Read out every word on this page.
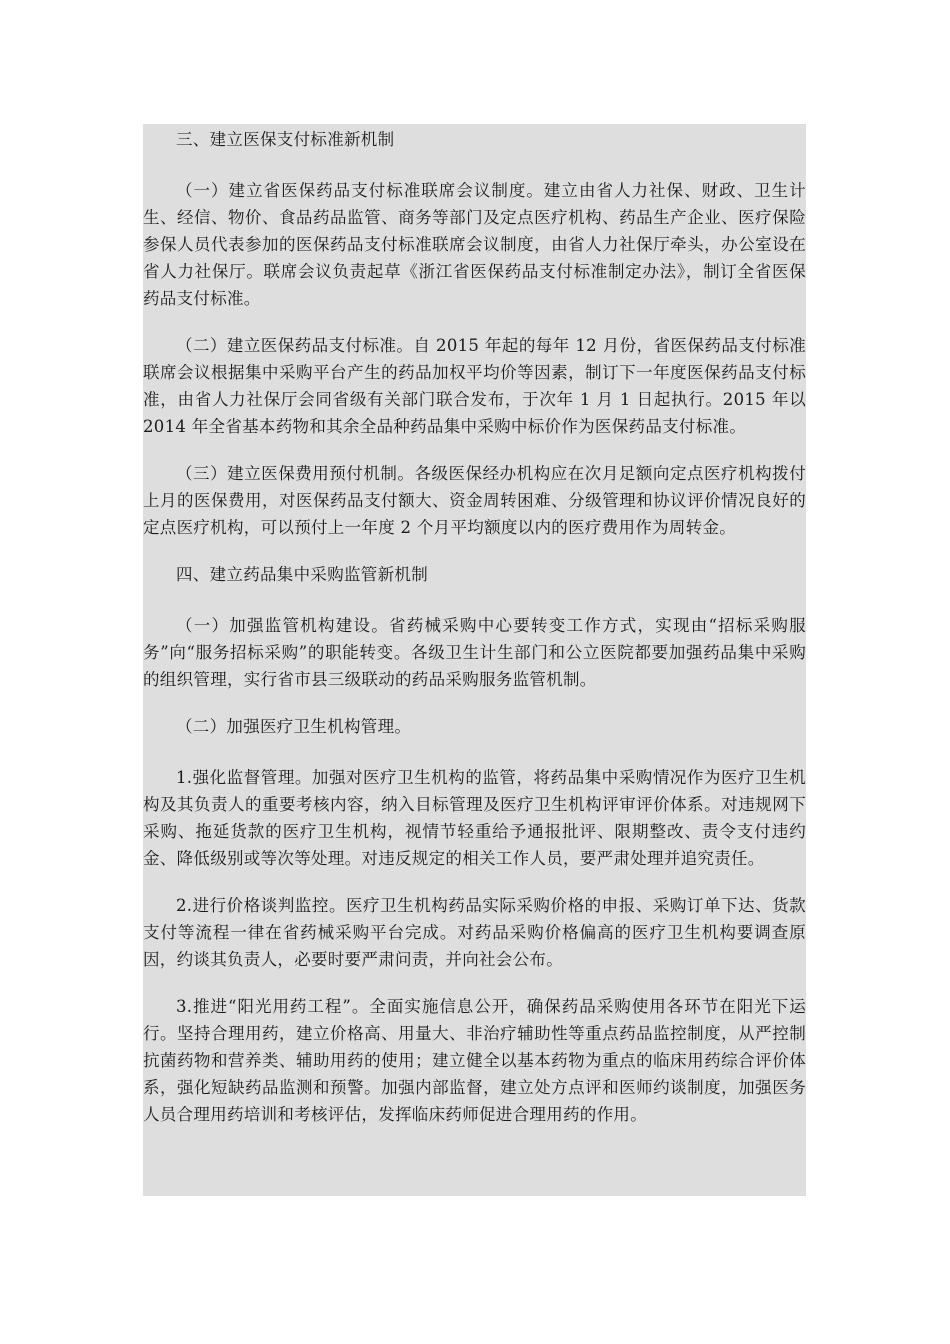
三、建立医保支付标准新机制

（一）建立省医保药品支付标准联席会议制度。建立由省人力社保、财政、卫生计生、经信、物价、食品药品监管、商务等部门及定点医疗机构、药品生产企业、医疗保险参保人员代表参加的医保药品支付标准联席会议制度，由省人力社保厅牵头，办公室设在省人力社保厅。联席会议负责起草《浙江省医保药品支付标准制定办法》，制订全省医保药品支付标准。

（二）建立医保药品支付标准。自 2015 年起的每年 12 月份，省医保药品支付标准联席会议根据集中采购平台产生的药品加权平均价等因素，制订下一年度医保药品支付标准，由省人力社保厅会同省级有关部门联合发布，于次年 1 月 1 日起执行。2015 年以 2014 年全省基本药物和其余全品种药品集中采购中标价作为医保药品支付标准。

（三）建立医保费用预付机制。各级医保经办机构应在次月足额向定点医疗机构拨付上月的医保费用，对医保药品支付额大、资金周转困难、分级管理和协议评价情况良好的定点医疗机构，可以预付上一年度 2 个月平均额度以内的医疗费用作为周转金。

四、建立药品集中采购监管新机制

（一）加强监管机构建设。省药械采购中心要转变工作方式，实现由“招标采购服务”向“服务招标采购”的职能转变。各级卫生计生部门和公立医院都要加强药品集中采购的组织管理，实行省市县三级联动的药品采购服务监管机制。

（二）加强医疗卫生机构管理。

1.强化监督管理。加强对医疗卫生机构的监管，将药品集中采购情况作为医疗卫生机构及其负责人的重要考核内容，纳入目标管理及医疗卫生机构评审评价体系。对违规网下采购、拖延货款的医疗卫生机构，视情节轻重给予通报批评、限期整改、责令支付违约金、降低级别或等次等处理。对违反规定的相关工作人员，要严肃处理并追究责任。

2.进行价格谈判监控。医疗卫生机构药品实际采购价格的申报、采购订单下达、货款支付等流程一律在省药械采购平台完成。对药品采购价格偏高的医疗卫生机构要调查原因，约谈其负责人，必要时要严肃问责，并向社会公布。

3.推进“阳光用药工程”。全面实施信息公开，确保药品采购使用各环节在阳光下运行。坚持合理用药，建立价格高、用量大、非治疗辅助性等重点药品监控制度，从严控制抗菌药物和营养类、辅助用药的使用；建立健全以基本药物为重点的临床用药综合评价体系，强化短缺药品监测和预警。加强内部监督，建立处方点评和医师约谈制度，加强医务人员合理用药培训和考核评估，发挥临床药师促进合理用药的作用。
